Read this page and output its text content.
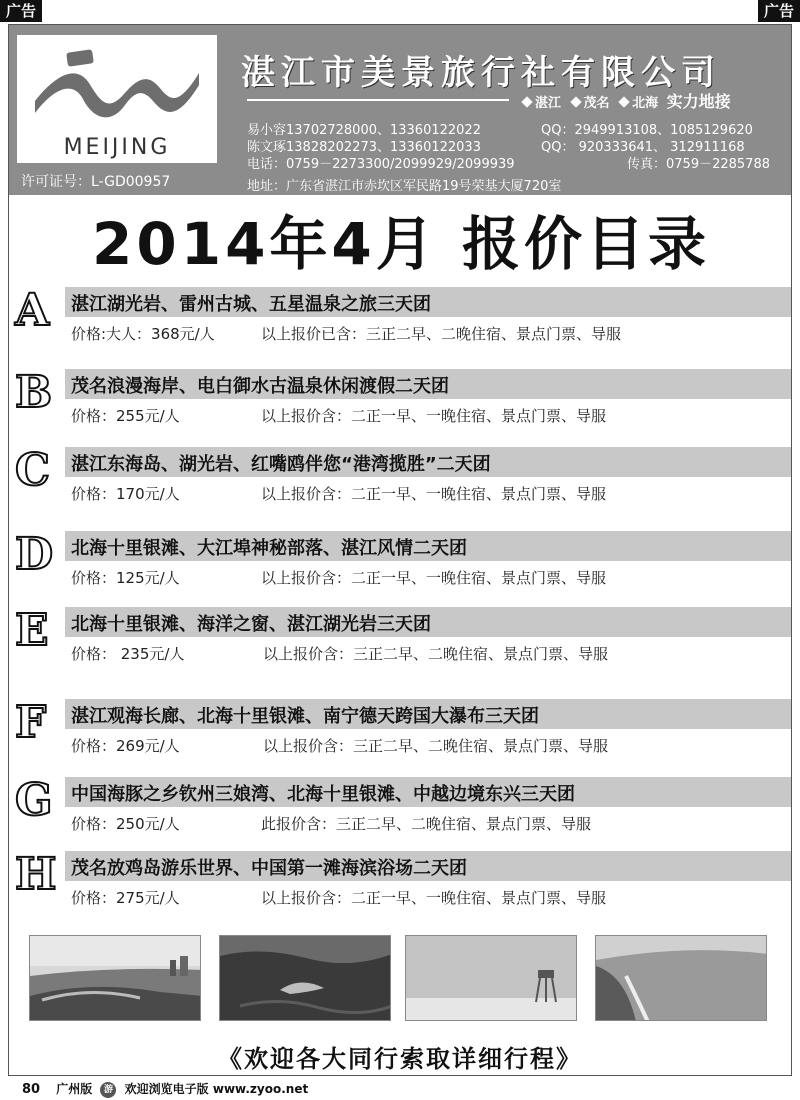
广告	广告
MEIJING
许可证号：L-GD00957
湛江市美景旅行社有限公司
湛江 茂名 北海 实力地接
易小容13702728000、13360122022	QQ：2949913108、1085129620
陈文琢13828202273、13360122033	QQ： 920333641、 312911168
电话：0759－2273300/2099929/2099939	传真：0759－2285788
地址：广东省湛江市赤坎区军民路19号荣基大厦720室
2014年4月 报价目录
A 湛江湖光岩、雷州古城、五星温泉之旅三天团
价格:大人：368元/人	以上报价已含：三正二早、二晚住宿、景点门票、导服
B 茂名浪漫海岸、电白御水古温泉休闲渡假二天团
价格：255元/人	以上报价含：二正一早、一晚住宿、景点门票、导服
C 湛江东海岛、湖光岩、红嘴鸥伴您“港湾揽胜”二天团
价格：170元/人	以上报价含：二正一早、一晚住宿、景点门票、导服
D 北海十里银滩、大江埠神秘部落、湛江风情二天团
价格：125元/人	以上报价含：二正一早、一晚住宿、景点门票、导服
E 北海十里银滩、海洋之窗、湛江湖光岩三天团
价格： 235元/人	以上报价含：三正二早、二晚住宿、景点门票、导服
F 湛江观海长廊、北海十里银滩、南宁德天跨国大瀑布三天团
价格：269元/人	以上报价含：三正二早、二晚住宿、景点门票、导服
G 中国海豚之乡钦州三娘湾、北海十里银滩、中越边境东兴三天团
价格：250元/人	此报价含：三正二早、二晚住宿、景点门票、导服
H 茂名放鸡岛游乐世界、中国第一滩海滨浴场二天团
价格：275元/人	以上报价含：二正一早、一晚住宿、景点门票、导服
《欢迎各大同行索取详细行程》
80 广州版 游 欢迎浏览电子版 www.zyoo.net
